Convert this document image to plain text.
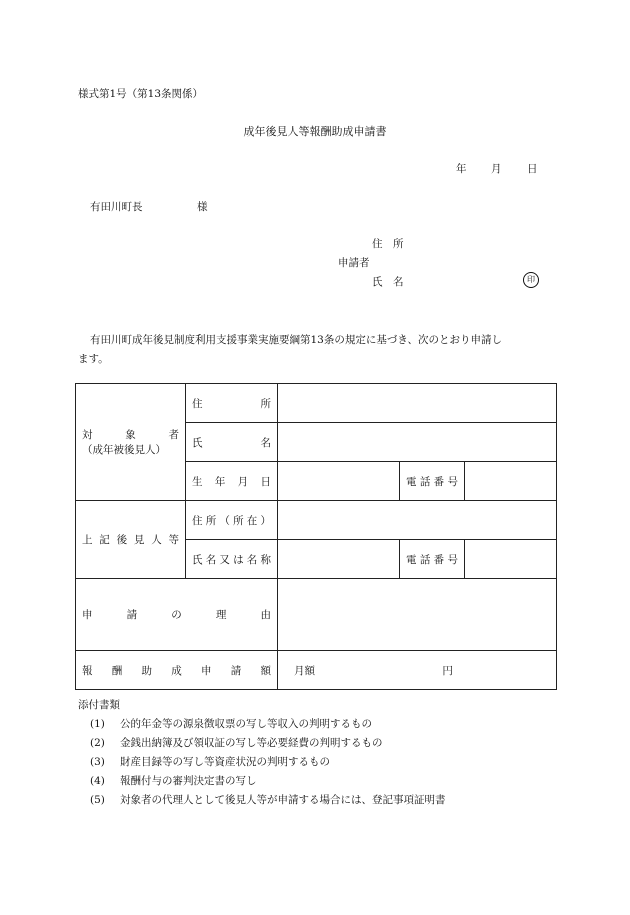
様式第1号（第13条関係）
成年後見人等報酬助成申請書
年 月 日
有田川町長	様
住　所
申請者
氏　名	印
有田川町成年後見制度利用支援事業実施要綱第13条の規定に基づき、次のとおり申請し
ます。
対　象　者
（成年被後見人）	住　　所			
	氏　　名			
	生 年 月 日		電話番号	
上記後見人等	住所（所在）			
	氏名又は名称		電話番号	
申請の理由				
報酬助成申請額		月額 円		
添付書類
(1) 公的年金等の源泉徴収票の写し等収入の判明するもの
(2) 金銭出納簿及び領収証の写し等必要経費の判明するもの
(3) 財産目録等の写し等資産状況の判明するもの
(4) 報酬付与の審判決定書の写し
(5) 対象者の代理人として後見人等が申請する場合には、登記事項証明書
